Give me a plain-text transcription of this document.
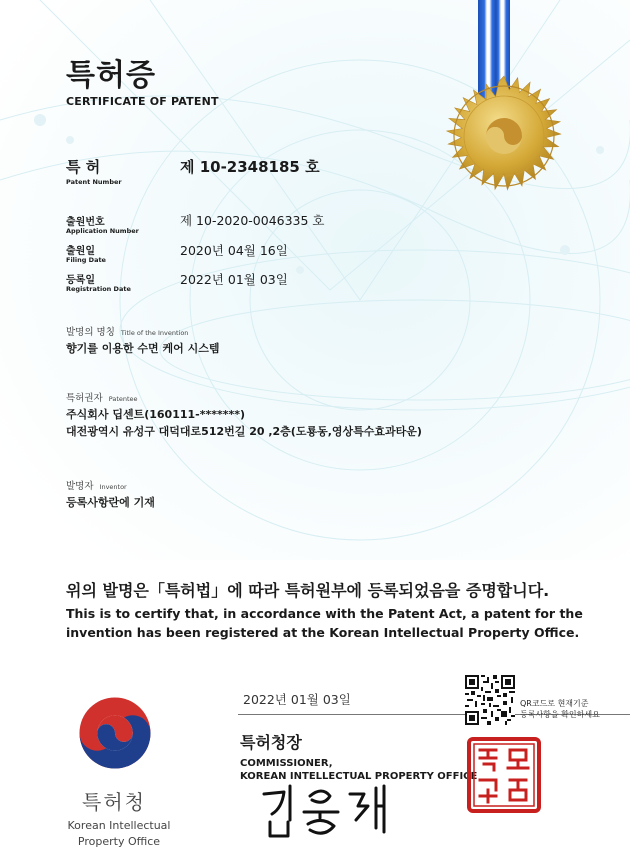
특허증
CERTIFICATE OF PATENT
특 허
Patent Number
제 10-2348185 호
출원번호
Application Number
제 10-2020-0046335 호
출원일
Filing Date
2020년 04월 16일
등록일
Registration Date
2022년 01월 03일
발명의 명칭 Title of the Invention
향기를 이용한 수면 케어 시스템
특허권자 Patentee
주식회사 딥센트(160111-*******)
대전광역시 유성구 대덕대로512번길 20 ,2층(도룡동,영상특수효과타운)
발명자 Inventor
등록사항란에 기재
위의 발명은「특허법」에 따라 특허원부에 등록되었음을 증명합니다.
This is to certify that, in accordance with the Patent Act, a patent for the
invention has been registered at the Korean Intellectual Property Office.
2022년 01월 03일
특허청장
COMMISSIONER,
KOREAN INTELLECTUAL PROPERTY OFFICE
특허청
Korean Intellectual
Property Office
QR코드로 현재기준
등록사항을 확인하세요
